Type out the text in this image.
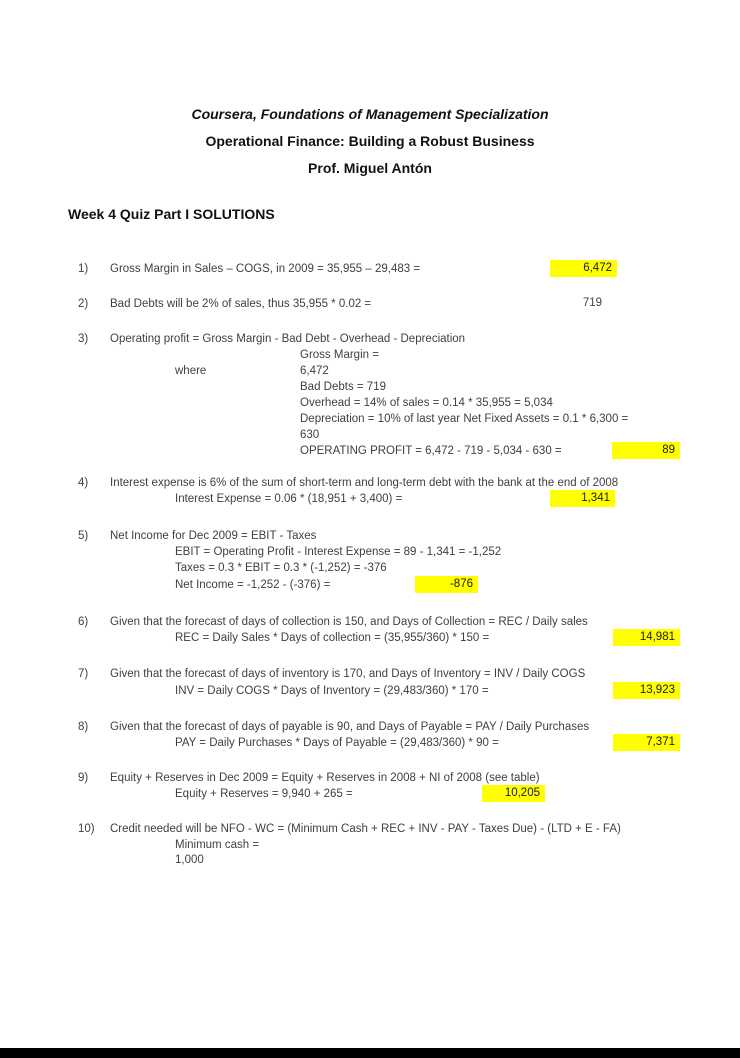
Coursera, Foundations of Management Specialization
Operational Finance: Building a Robust Business
Prof. Miguel Antón
Week 4 Quiz Part I SOLUTIONS
1) Gross Margin in Sales – COGS, in 2009 = 35,955 – 29,483 =	6,472
2) Bad Debts will be 2% of sales, thus 35,955 * 0.02 =	719
3) Operating profit = Gross Margin - Bad Debt - Overhead - Depreciation
where
Gross Margin =
6,472
Bad Debts = 719
Overhead = 14% of sales = 0.14 * 35,955 = 5,034
Depreciation = 10% of last year Net Fixed Assets = 0.1 * 6,300 =
630
OPERATING PROFIT = 6,472 - 719 - 5,034 - 630 =	89
4) Interest expense is 6% of the sum of short-term and long-term debt with the bank at the end of 2008
Interest Expense = 0.06 * (18,951 + 3,400) =	1,341
5) Net Income for Dec 2009 = EBIT - Taxes
EBIT = Operating Profit - Interest Expense = 89 - 1,341 = -1,252
Taxes = 0.3 * EBIT = 0.3 * (-1,252) = -376
Net Income = -1,252 - (-376) =	-876
6) Given that the forecast of days of collection is 150, and Days of Collection = REC / Daily sales
REC = Daily Sales * Days of collection = (35,955/360) * 150 =	14,981
7) Given that the forecast of days of inventory is 170, and Days of Inventory = INV / Daily COGS
INV = Daily COGS * Days of Inventory = (29,483/360) * 170 =	13,923
8) Given that the forecast of days of payable is 90, and Days of Payable = PAY / Daily Purchases
PAY = Daily Purchases * Days of Payable = (29,483/360) * 90 =	7,371
9) Equity + Reserves in Dec 2009 = Equity + Reserves in 2008 + NI of 2008 (see table)
Equity + Reserves = 9,940 + 265 =	10,205
10) Credit needed will be NFO - WC = (Minimum Cash + REC + INV - PAY - Taxes Due) - (LTD + E - FA)
Minimum cash =
1,000
